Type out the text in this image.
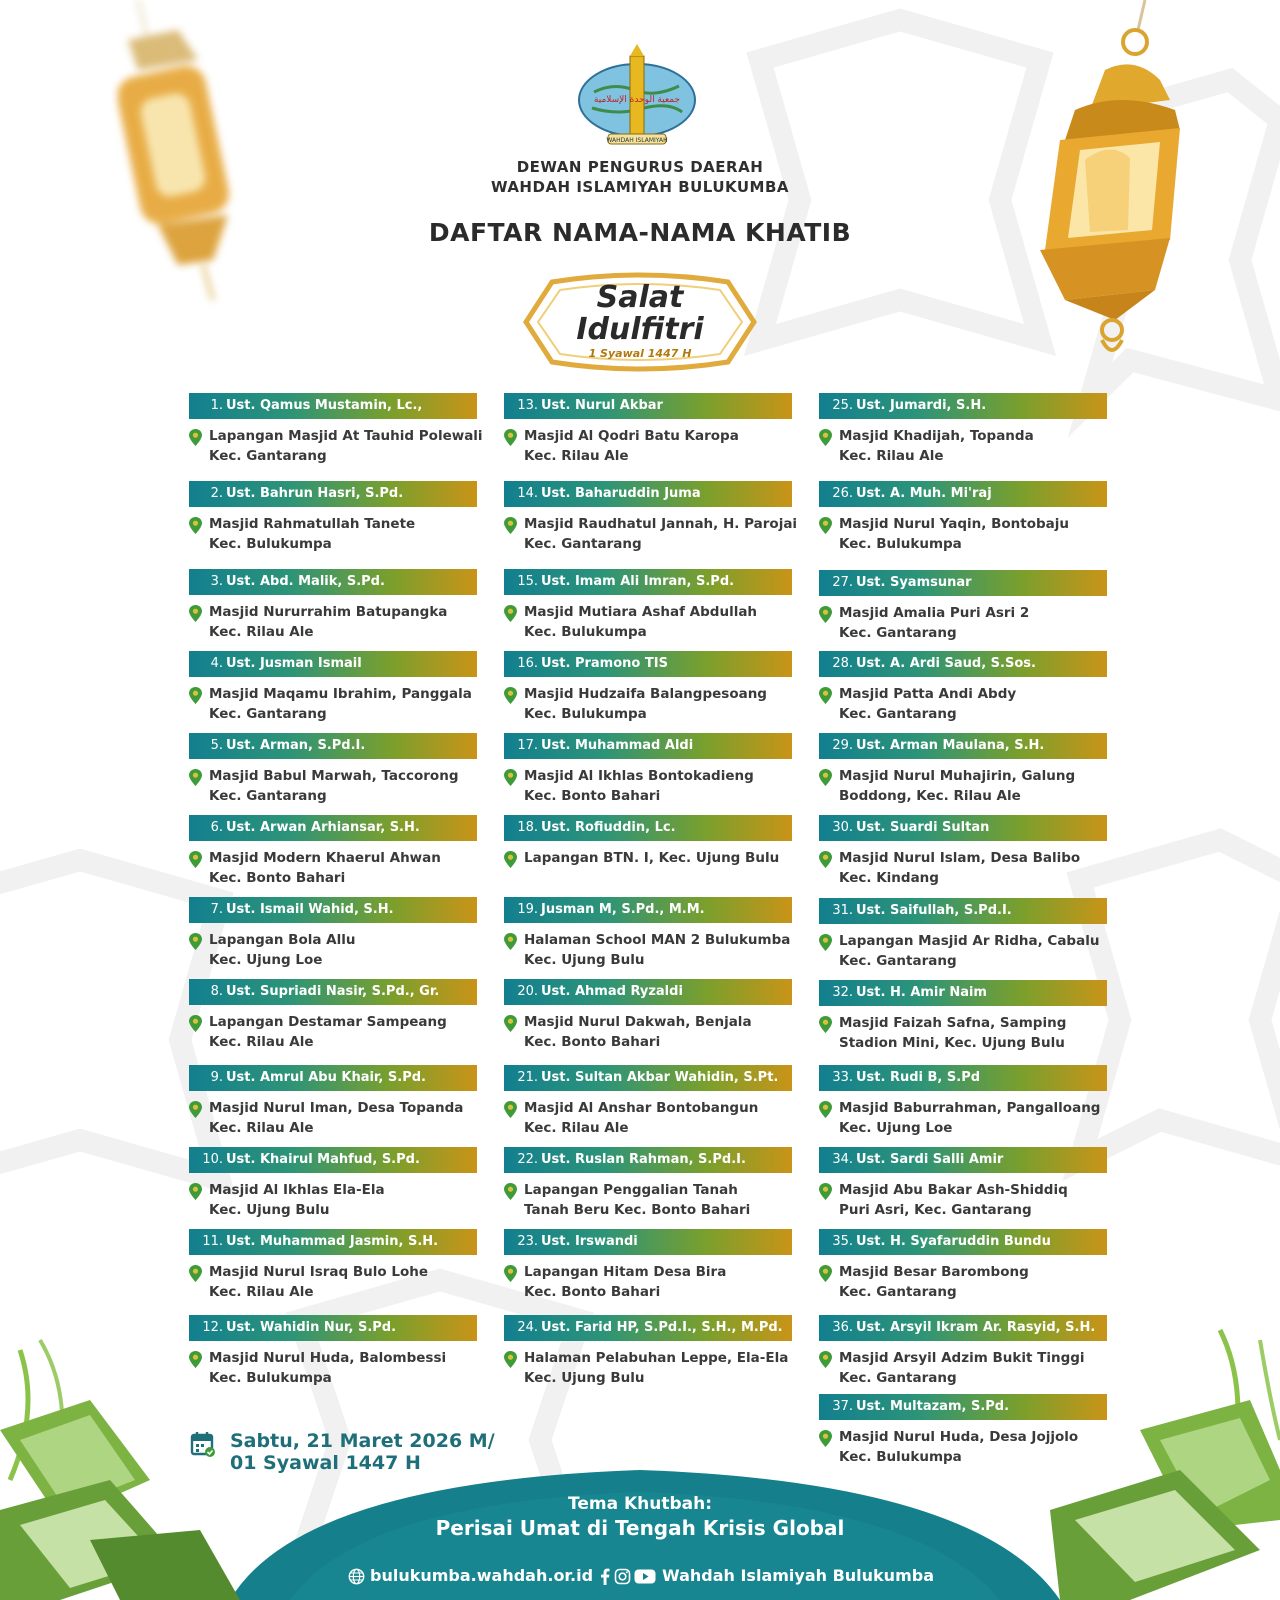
جمعية الوحدة الإسلامية
WAHDAH ISLAMIYAH
DEWAN PENGURUS DAERAH
WAHDAH ISLAMIYAH BULUKUMBA
DAFTAR NAMA-NAMA KHATIB
Salat
Idulfitri
1 Syawal 1447 H
1. Ust. Qamus Mustamin, Lc.,
Lapangan Masjid At Tauhid Polewali
Kec. Gantarang
2. Ust. Bahrun Hasri, S.Pd.
Masjid Rahmatullah Tanete
Kec. Bulukumpa
3. Ust. Abd. Malik, S.Pd.
Masjid Nururrahim Batupangka
Kec. Rilau Ale
4. Ust. Jusman Ismail
Masjid Maqamu Ibrahim, Panggala
Kec. Gantarang
5. Ust. Arman, S.Pd.I.
Masjid Babul Marwah, Taccorong
Kec. Gantarang
6. Ust. Arwan Arhiansar, S.H.
Masjid Modern Khaerul Ahwan
Kec. Bonto Bahari
7. Ust. Ismail Wahid, S.H.
Lapangan Bola Allu
Kec. Ujung Loe
8. Ust. Supriadi Nasir, S.Pd., Gr.
Lapangan Destamar Sampeang
Kec. Rilau Ale
9. Ust. Amrul Abu Khair, S.Pd.
Masjid Nurul Iman, Desa Topanda
Kec. Rilau Ale
10. Ust. Khairul Mahfud, S.Pd.
Masjid Al Ikhlas Ela-Ela
Kec. Ujung Bulu
11. Ust. Muhammad Jasmin, S.H.
Masjid Nurul Israq Bulo Lohe
Kec. Rilau Ale
12. Ust. Wahidin Nur, S.Pd.
Masjid Nurul Huda, Balombessi
Kec. Bulukumpa
13. Ust. Nurul Akbar
Masjid Al Qodri Batu Karopa
Kec. Rilau Ale
14. Ust. Baharuddin Juma
Masjid Raudhatul Jannah, H. Parojai
Kec. Gantarang
15. Ust. Imam Ali Imran, S.Pd.
Masjid Mutiara Ashaf Abdullah
Kec. Bulukumpa
16. Ust. Pramono TIS
Masjid Hudzaifa Balangpesoang
Kec. Bulukumpa
17. Ust. Muhammad Aldi
Masjid Al Ikhlas Bontokadieng
Kec. Bonto Bahari
18. Ust. Rofiuddin, Lc.
Lapangan BTN. I, Kec. Ujung Bulu
19. Jusman M, S.Pd., M.M.
Halaman School MAN 2 Bulukumba
Kec. Ujung Bulu
20. Ust. Ahmad Ryzaldi
Masjid Nurul Dakwah, Benjala
Kec. Bonto Bahari
21. Ust. Sultan Akbar Wahidin, S.Pt.
Masjid Al Anshar Bontobangun
Kec. Rilau Ale
22. Ust. Ruslan Rahman, S.Pd.I.
Lapangan Penggalian Tanah
Tanah Beru Kec. Bonto Bahari
23. Ust. Irswandi
Lapangan Hitam Desa Bira
Kec. Bonto Bahari
24. Ust. Farid HP, S.Pd.I., S.H., M.Pd.
Halaman Pelabuhan Leppe, Ela-Ela
Kec. Ujung Bulu
25. Ust. Jumardi, S.H.
Masjid Khadijah, Topanda
Kec. Rilau Ale
26. Ust. A. Muh. Mi'raj
Masjid Nurul Yaqin, Bontobaju
Kec. Bulukumpa
27. Ust. Syamsunar
Masjid Amalia Puri Asri 2
Kec. Gantarang
28. Ust. A. Ardi Saud, S.Sos.
Masjid Patta Andi Abdy
Kec. Gantarang
29. Ust. Arman Maulana, S.H.
Masjid Nurul Muhajirin, Galung
Boddong, Kec. Rilau Ale
30. Ust. Suardi Sultan
Masjid Nurul Islam, Desa Balibo
Kec. Kindang
31. Ust. Saifullah, S.Pd.I.
Lapangan Masjid Ar Ridha, Cabalu
Kec. Gantarang
32. Ust. H. Amir Naim
Masjid Faizah Safna, Samping
Stadion Mini, Kec. Ujung Bulu
33. Ust. Rudi B, S.Pd
Masjid Baburrahman, Pangalloang
Kec. Ujung Loe
34. Ust. Sardi Salli Amir
Masjid Abu Bakar Ash-Shiddiq
Puri Asri, Kec. Gantarang
35. Ust. H. Syafaruddin Bundu
Masjid Besar Barombong
Kec. Gantarang
36. Ust. Arsyil Ikram Ar. Rasyid, S.H.
Masjid Arsyil Adzim Bukit Tinggi
Kec. Gantarang
37. Ust. Multazam, S.Pd.
Masjid Nurul Huda, Desa Jojjolo
Kec. Bulukumpa
Sabtu, 21 Maret 2026 M/
01 Syawal 1447 H
Tema Khutbah:
Perisai Umat di Tengah Krisis Global
bulukumba.wahdah.or.id	Wahdah Islamiyah Bulukumba
